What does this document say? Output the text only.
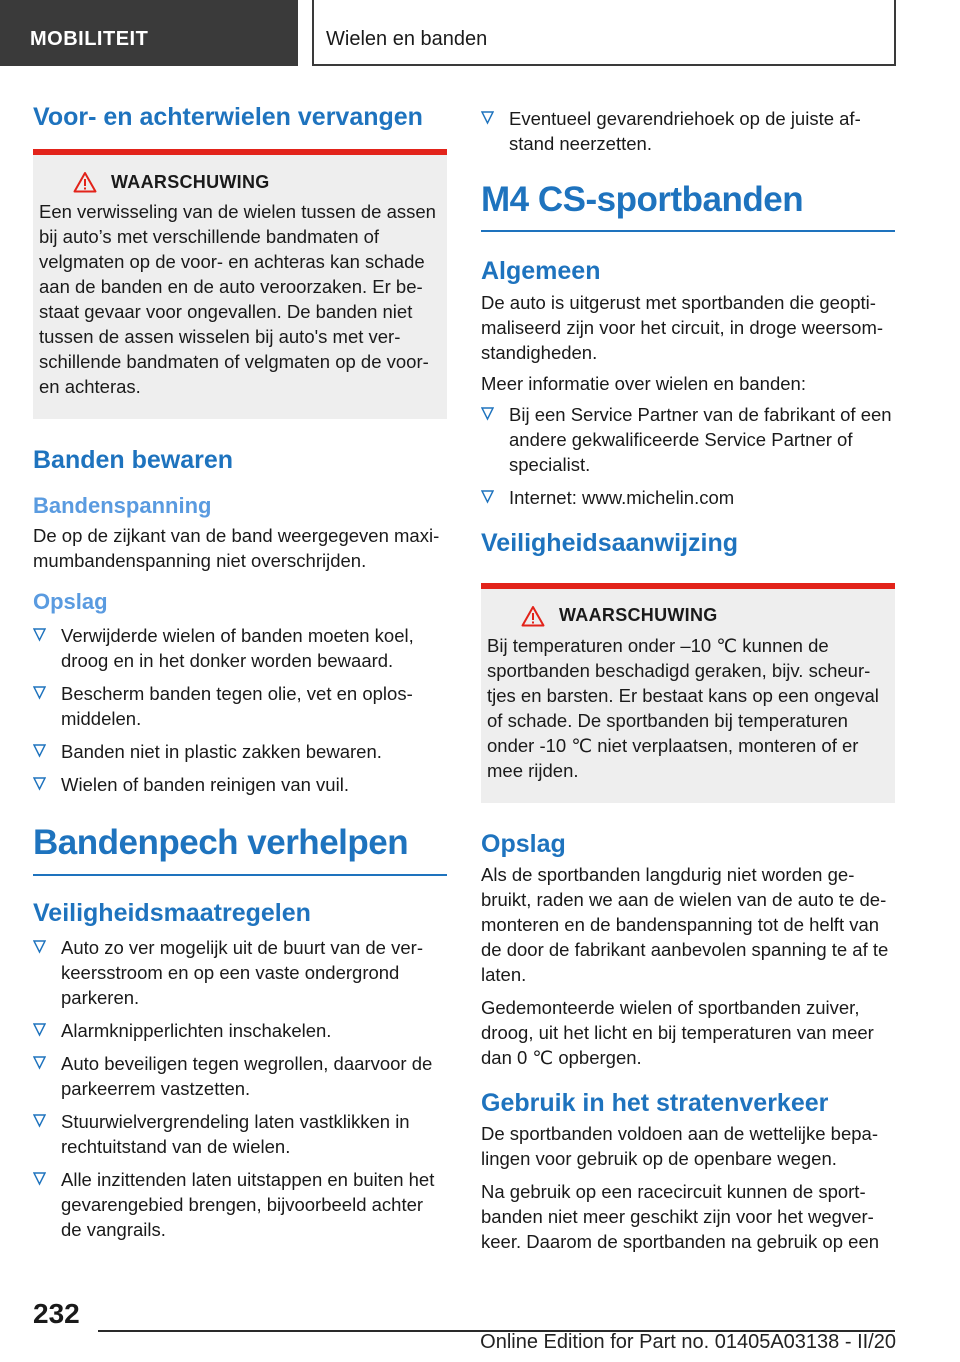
MOBILITEIT	Wielen en banden
Voor- en achterwielen vervangen
WAARSCHUWING

Een verwisseling van de wielen tussen de assen bij auto’s met verschillende bandmaten of velgmaten op de voor- en achteras kan schade aan de banden en de auto veroorzaken. Er bestaat gevaar voor ongevallen. De banden niet tussen de assen wisselen bij auto's met verschillende bandmaten of velgmaten op de voor- en achteras.

Banden bewaren
Bandenspanning

De op de zijkant van de band weergegeven maximumbandenspanning niet overschrijden.

Opslag
Verwijderde wielen of banden moeten koel, droog en in het donker worden bewaard.
Bescherm banden tegen olie, vet en oplosmiddelen.
Banden niet in plastic zakken bewaren.
Wielen of banden reinigen van vuil.
Bandenpech verhelpen
Veiligheidsmaatregelen
Auto zo ver mogelijk uit de buurt van de verkeersstroom en op een vaste ondergrond parkeren.
Alarmknipperlichten inschakelen.
Auto beveiligen tegen wegrollen, daarvoor de parkeerrem vastzetten.
Stuurwielvergrendeling laten vastklikken in rechtuitstand van de wielen.
Alle inzittenden laten uitstappen en buiten het gevarengebied brengen, bijvoorbeeld achter de vangrails.
Eventueel gevarendriehoek op de juiste afstand neerzetten.
M4 CS-sportbanden
Algemeen

De auto is uitgerust met sportbanden die geoptimaliseerd zijn voor het circuit, in droge weersomstandigheden.

Meer informatie over wielen en banden:

Bij een Service Partner van de fabrikant of een andere gekwalificeerde Service Partner of specialist.
Internet: www.michelin.com
Veiligheidsaanwijzing
WAARSCHUWING

Bij temperaturen onder –10 ℃ kunnen de sportbanden beschadigd geraken, bijv. scheurtjes en barsten. Er bestaat kans op een ongeval of schade. De sportbanden bij temperaturen onder -10 ℃ niet verplaatsen, monteren of er mee rijden.

Opslag

Als de sportbanden langdurig niet worden gebruikt, raden we aan de wielen van de auto te demonteren en de bandenspanning tot de helft van de door de fabrikant aanbevolen spanning te af te laten.

Gedemonteerde wielen of sportbanden zuiver, droog, uit het licht en bij temperaturen van meer dan 0 ℃ opbergen.

Gebruik in het stratenverkeer

De sportbanden voldoen aan de wettelijke bepalingen voor gebruik op de openbare wegen.

Na gebruik op een racecircuit kunnen de sportbanden niet meer geschikt zijn voor het wegverkeer. Daarom de sportbanden na gebruik op een

232
Online Edition for Part no. 01405A03138 - II/20
